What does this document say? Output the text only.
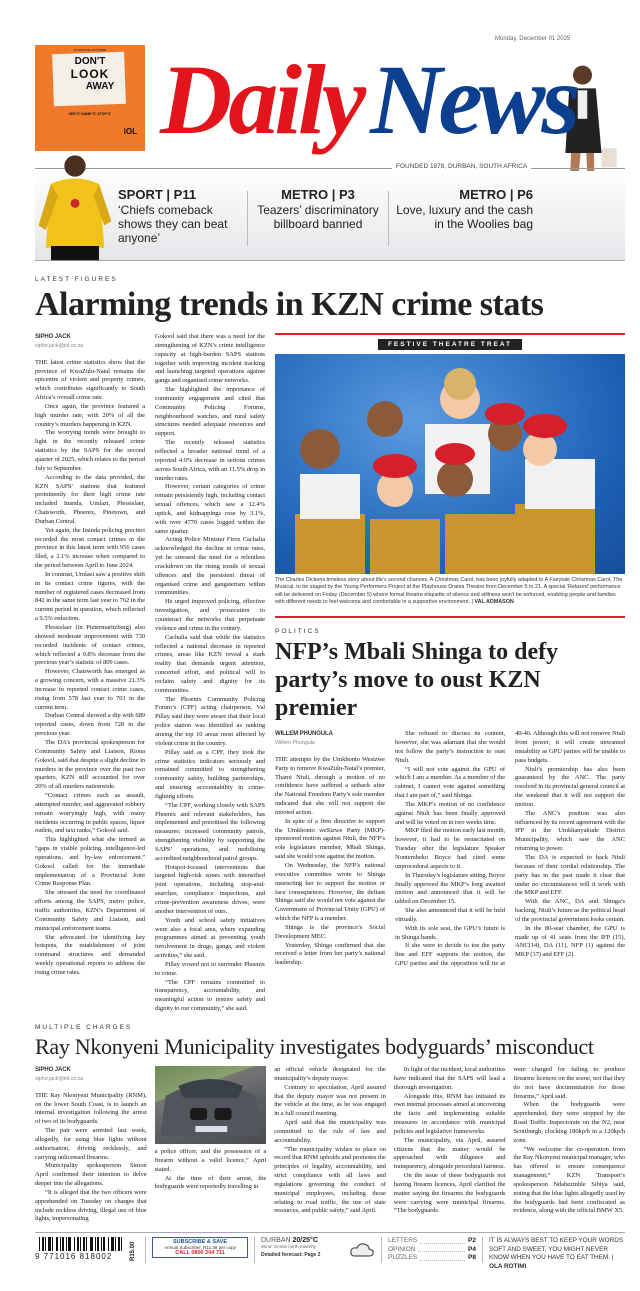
16 DAYS OF ACTIVISM
DON'T
LOOK
AWAY
SEE IT. NAME IT. STOP IT.
iOL
Monday, December 01 2025
DailyNews
FOUNDED 1878, DURBAN, SOUTH AFRICA
SPORT | P11
‘Chiefs comeback shows they can beat anyone’
METRO | P3
Teazers’ discriminatory billboard banned
METRO | P6
Love, luxury and the cash in the Woolies bag
LATEST FIGURES
Alarming trends in KZN crime stats
SIPHO JACK
sipho.jack@inl.co.za

THE latest crime statistics show that the province of KwaZulu-Natal remains the epicentre of violent and property crimes, which contributes significantly to South Africa’s overall crime rate.

Once again, the province featured a high murder rate, with 20% of all the country’s murders happening in KZN.

The worrying trends were brought to light in the recently released crime statistics by the SAPS for the second quarter of 2025, which relates to the period July to September.

According to the data provided, the KZN SAPS’ stations that featured prominently for their high crime rate included Inanda, Umlazi, Plessislaer, Chatsworth, Phoenix, Pinetown, and Durban Central.

Yet again, the Inanda policing precinct recorded the most contact crimes in the province in this latest term with 956 cases filed, a 2.1% increase when compared to the period between April to June 2024.

In contrast, Umlazi saw a positive shift in its contact crime figures, with the number of registered cases decreased from 842 in the same term last year to 762 in the current period in question, which reflected a 9.5% reduction.

Plessislaer (in Pietermaritzburg) also showed moderate improvement with 730 recorded incidents of contact crimes, which reflected a 9.8% decrease from the previous year’s statistic of 809 cases.

However, Chatsworth has emerged as a growing concern, with a massive 21.3% increase in reported contact crime cases, rising from 578 last year to 701 in the current term.

Durban Central showed a dip with 689 reported cases, down from 728 in the previous year.

The DA’s provincial spokesperson for Community Safety and Liaison, Riona Gokool, said that despite a slight decline in murders in the province over the past two quarters, KZN still accounted for over 20% of all murders nationwide.

“Contact crimes such as assault, attempted murder, and aggravated robbery remain worryingly high, with many incidents occurring in public spaces, liquor outlets, and taxi ranks,” Gokool said.

This highlighted what she termed as “gaps in visible policing, intelligence-led operations, and by-law enforcement.” Gokool called for the immediate implementation of a Provincial Joint Crime Response Plan.

She stressed the need for coordinated efforts among the SAPS, metro police, traffic authorities, KZN’s Department of Community Safety and Liaison, and municipal enforcement teams.

She advocated for identifying key hotspots, the establishment of joint command structures and demanded weekly operational reports to address the rising crime rates.

Gokool said that there was a need for the strengthening of KZN’s crime intelligence capacity at high-burden SAPS stations together with improving incident tracking and launching targeted operations against gangs and organised crime networks.

She highlighted the importance of community engagement and cited that Community Policing Forums, neighbourhood watches, and rural safety structures needed adequate resources and support.

The recently released statistics reflected a broader national trend of a reported 4.9% decrease in serious crimes across South Africa, with an 11.5% drop in murder rates.

However, certain categories of crime remain persistently high, including contact sexual offences, which saw a 12.4% uptick, and kidnappings rose by 3.1%, with over 4770 cases logged within the same quarter.

Acting Police Minister Firoz Cachalia acknowledged the decline in crime rates, yet he stressed the need for a relentless crackdown on the rising trends of sexual offences and the persistent threat of organised crime and gangsterism within communities.

He urged improved policing, effective investigation, and prosecution to counteract the networks that perpetuate violence and crime in the country.

Cachalia said that while the statistics reflected a national decrease in reported crimes, areas like KZN reveal a stark reality that demands urgent attention, concerted effort, and political will to reclaim safety and dignity for its communities.

The Phoenix Community Policing Forum’s (CPF) acting chairperson, Val Pillay said they were aware that their local police station was identified as ranking among the top 10 areas most affected by violent crime in the country.

Pillay said as a CPF, they took the crime statistics indicators seriously and remained committed to strengthening community safety, building partnerships, and ensuring accountability in crime-fighting efforts.

“The CPF, working closely with SAPS Phoenix and relevant stakeholders, has implemented and prioritised the following measures: increased community patrols, strengthening visibility by supporting the SAPS’ operations, and mobilising accredited neighbourhood patrol groups.

Hotspot-focused interventions that targeted high-risk zones with intensified joint operations, including stop-and-searches, compliance inspections, and crime-prevention awareness drives, were another intervention of ours.

Youth and school safety initiatives were also a focal area, where expanding programmes aimed at preventing youth involvement in drugs, gangs, and violent activities,” she said.

Pillay vowed not to surrender Phoenix to crime.

“The CPF remains committed to transparency, accountability, and meaningful action to restore safety and dignity to our community,” she said.

FESTIVE THEATRE TREAT
The Charles Dickens timeless story about life’s second chances, A Christmas Carol, has been joyfully adapted to A Fairytale Christmas Carol, The Musical, to be staged by the Young Performers Project at the Playhouse Drama Theatre from December 5 to 21. A special ‘Relaxed’ performance will be delivered on Friday (December 5) where formal theatre etiquette of silence and stillness won’t be enforced, enabling people and families with different needs to feel welcome and comfortable in a supportive environment. | VAL ADMASON
POLITICS
NFP’s Mbali Shinga to defy party’s move to oust KZN premier
WILLEM PHUNGULA
Willem Phungula

THE attempts by the Umkhonto Wesizwe Party to remove KwaZulu-Natal’s premier, Thami Ntuli, through a motion of no confidence have suffered a setback after the National Freedom Party’s sole member indicated that she will not support the mooted action.

In spite of a firm directive to support the Umkhonto weSizwe Party (MKP)-sponsored motion against Ntuli, the NFP’s sole legislature member, Mbali Shinga, said she would vote against the motion.

On Wednesday, the NFP’s national executive committee wrote to Shinga instructing her to support the motion or face consequences. However, the defiant Shinga said she would not vote against the Government of Provincial Unity (GPU) of which the NFP is a member.

Shinga is the province’s Social Development MEC.

Yesterday, Shinga confirmed that she received a letter from her party’s national leadership.

She refused to discuss its content, however, she was adamant that she would not follow the party’s instruction to oust Ntuli.

“I will not vote against the GPU of which I am a member. As a member of the cabinet, I cannot vote against something that I am part of,” said Shinga.

The MKP’s motion of no confidence against Ntuli has been finally approved and will be voted on in two weeks time.

MKP filed the motion early last month, however, it had to be resuscitated on Tuesday after the legislature Speaker Nontembeko Boyce had cited some unprocedural aspects to it.

In Thursday’s legislature sitting, Boyce finally approved the MKP’s long awaited motion and announced that it will be tabled on December 15.

She also announced that it will be held virtually.

With its sole seat, the GPU’s future is in Shinga hands.

If she were to decide to toe the party line and EFF supports the motion, the GPU parties and the opposition will tie at 40-40. Although this will not remove Ntuli from power, it will create unwanted instability as GPU parties will be unable to pass budgets.

Ntuli’s premiership has also been guaranteed by the ANC. The party resolved in its provincial general council at the weekend that it will not support the motion.

The ANC’s position was also influenced by its recent agreement with the IFP in the Umkhanyakude District Municipality, which saw the ANC returning to power.

The DA is expected to back Ntuli because of their cordial relationship. The party has in the past made it clear that under no circumstances will it work with the MKP and EFF.

With the ANC, DA and Shinga’s backing, Ntuli’s future as the political head of the provincial government looks certain.

In the 80-seat chamber, the GPU is made up of 41 seats from the IFP (15), ANC(14), DA (11), NFP (1) against the MKP (37) and EFF (2).

MULTIPLE CHARGES
Ray Nkonyeni Municipality investigates bodyguards’ misconduct
SIPHO JACK
sipho.jack@inl.co.za

THE Ray Nkonyeni Municipality (RNM), on the lower South Coast, is to launch an internal investigation following the arrest of two of its bodyguards.

The pair were arrested last week, allegedly, for using blue lights without authorisation, driving recklessly, and carrying unlicensed firearms.

Municipality spokesperson Simon April confirmed their intention to delve deeper into the allegations.

“It is alleged that the two officers were apprehended on Tuesday on charges that include reckless driving, illegal use of blue lights, impersonating

a police officer, and the possession of a firearm without a valid licence,” April stated.

At the time of their arrest, the bodyguards were reportedly travelling in

an official vehicle designated for the municipality’s deputy mayor.

Contrary to speculation, April assured that the deputy mayor was not present in the vehicle at the time, as he was engaged in a full council meeting.

April said that the municipality was committed to the rule of law and accountability.

“The municipality wishes to place on record that RNM upholds and promotes the principles of legality, accountability, and strict compliance with all laws and regulations governing the conduct of municipal employees, including those relating to road traffic, the use of state resources, and public safety,” said April.

In light of the incident, local authorities have indicated that the SAPS will lead a thorough investigation.

Alongside this, RNM has initiated its own internal processes aimed at uncovering the facts and implementing suitable measures in accordance with municipal policies and legislative frameworks.

The municipality, via April, assured citizens that the matter would be approached with diligence and transparency, alongside procedural fairness.

On the issue of these bodyguards not having firearm licences, April clarified the matter saying the firearms the bodyguards were carrying were municipal firearms. “The bodyguards

were charged for failing to produce firearms licences on the scene, not that they do not have documentation for those firearms,” April said.

When the bodyguards were apprehended, they were stopped by the Road Traffic Inspectorate on the N2, near Scottburgh, clocking 180kp/h in a 120kp/h zone.

“We welcome the co-operation from the Ray Nkonyeni municipal manager, who has offered to ensure consequence management,” KZN Transport’s spokesperson Ndabezinhle Sibiya said, noting that the blue lights allegedly used by the bodyguards had been confiscated as evidence, along with the official BMW X5.

9 771016 818002	R15.00	SUBSCRIBE & SAVE
Annual Subscriber, R11.38 per copy
CALL 0800 204 711
DURBAN 20/25°C
Wind: Gentle north-easterly
Detailed forecast: Page 2
LETTERS	P2
OPINION	P4
PUZZLES	P8
IT IS ALWAYS BEST TO KEEP YOUR WORDS SOFT AND SWEET, YOU MIGHT NEVER KNOW WHEN YOU HAVE TO EAT THEM. | OLA ROTIMI
